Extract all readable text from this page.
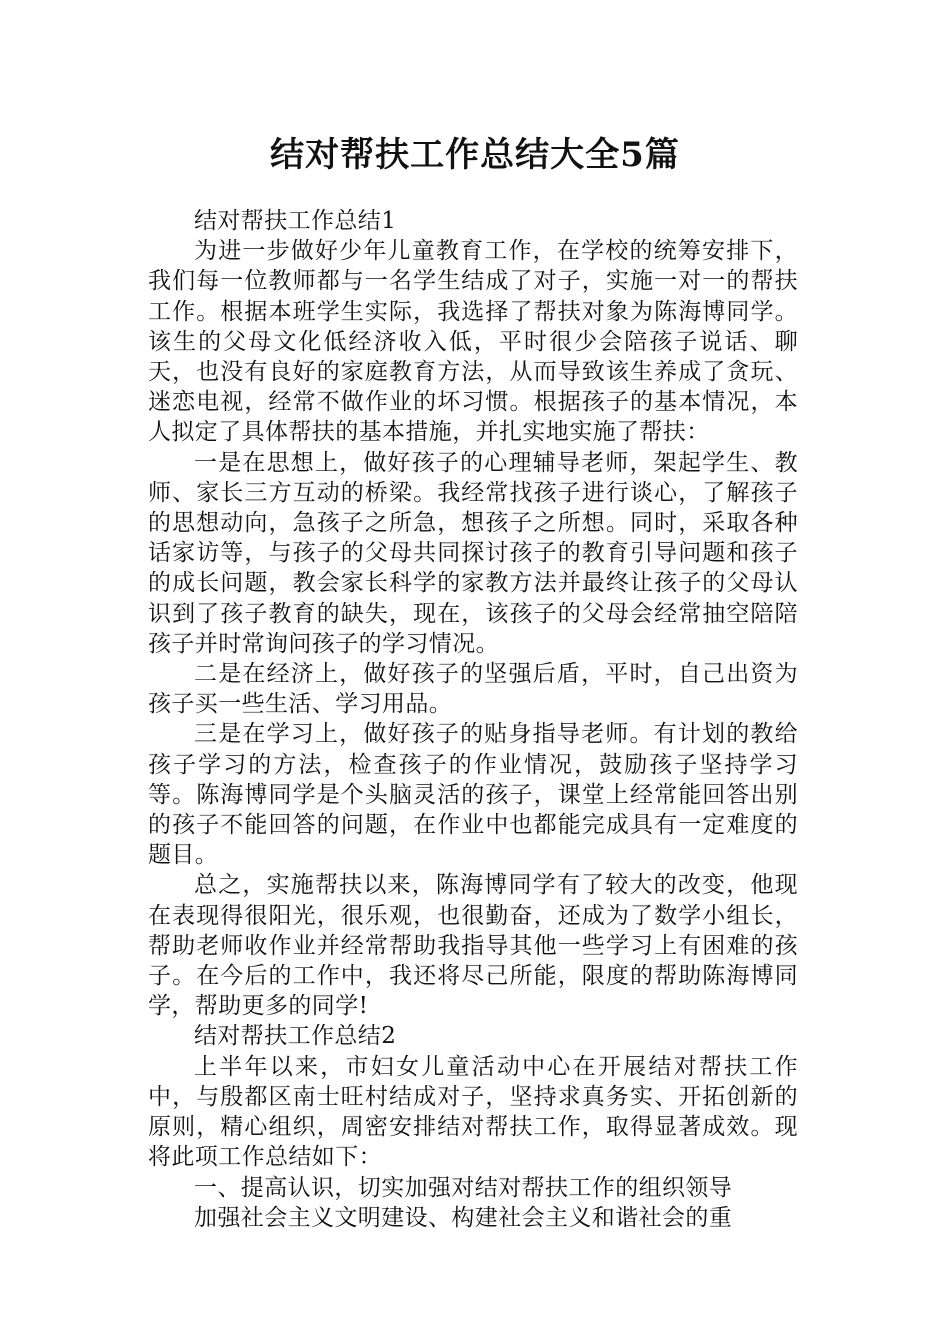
结对帮扶工作总结大全5篇

结对帮扶工作总结1

为进一步做好少年儿童教育工作，在学校的统筹安排下，我们每一位教师都与一名学生结成了对子，实施一对一的帮扶工作。根据本班学生实际，我选择了帮扶对象为陈海博同学。该生的父母文化低经济收入低，平时很少会陪孩子说话、聊天，也没有良好的家庭教育方法，从而导致该生养成了贪玩、迷恋电视，经常不做作业的坏习惯。根据孩子的基本情况，本人拟定了具体帮扶的基本措施，并扎实地实施了帮扶：

一是在思想上，做好孩子的心理辅导老师，架起学生、教师、家长三方互动的桥梁。我经常找孩子进行谈心，了解孩子的思想动向，急孩子之所急，想孩子之所想。同时，采取各种话家访等，与孩子的父母共同探讨孩子的教育引导问题和孩子的成长问题，教会家长科学的家教方法并最终让孩子的父母认识到了孩子教育的缺失，现在，该孩子的父母会经常抽空陪陪孩子并时常询问孩子的学习情况。

二是在经济上，做好孩子的坚强后盾，平时，自己出资为孩子买一些生活、学习用品。

三是在学习上，做好孩子的贴身指导老师。有计划的教给孩子学习的方法，检查孩子的作业情况，鼓励孩子坚持学习等。陈海博同学是个头脑灵活的孩子，课堂上经常能回答出别的孩子不能回答的问题，在作业中也都能完成具有一定难度的题目。

总之，实施帮扶以来，陈海博同学有了较大的改变，他现在表现得很阳光，很乐观，也很勤奋，还成为了数学小组长，帮助老师收作业并经常帮助我指导其他一些学习上有困难的孩子。在今后的工作中，我还将尽己所能，限度的帮助陈海博同学，帮助更多的同学!

结对帮扶工作总结2

上半年以来，市妇女儿童活动中心在开展结对帮扶工作中，与殷都区南士旺村结成对子，坚持求真务实、开拓创新的原则，精心组织，周密安排结对帮扶工作，取得显著成效。现将此项工作总结如下：

一、提高认识，切实加强对结对帮扶工作的组织领导

加强社会主义文明建设、构建社会主义和谐社会的重
